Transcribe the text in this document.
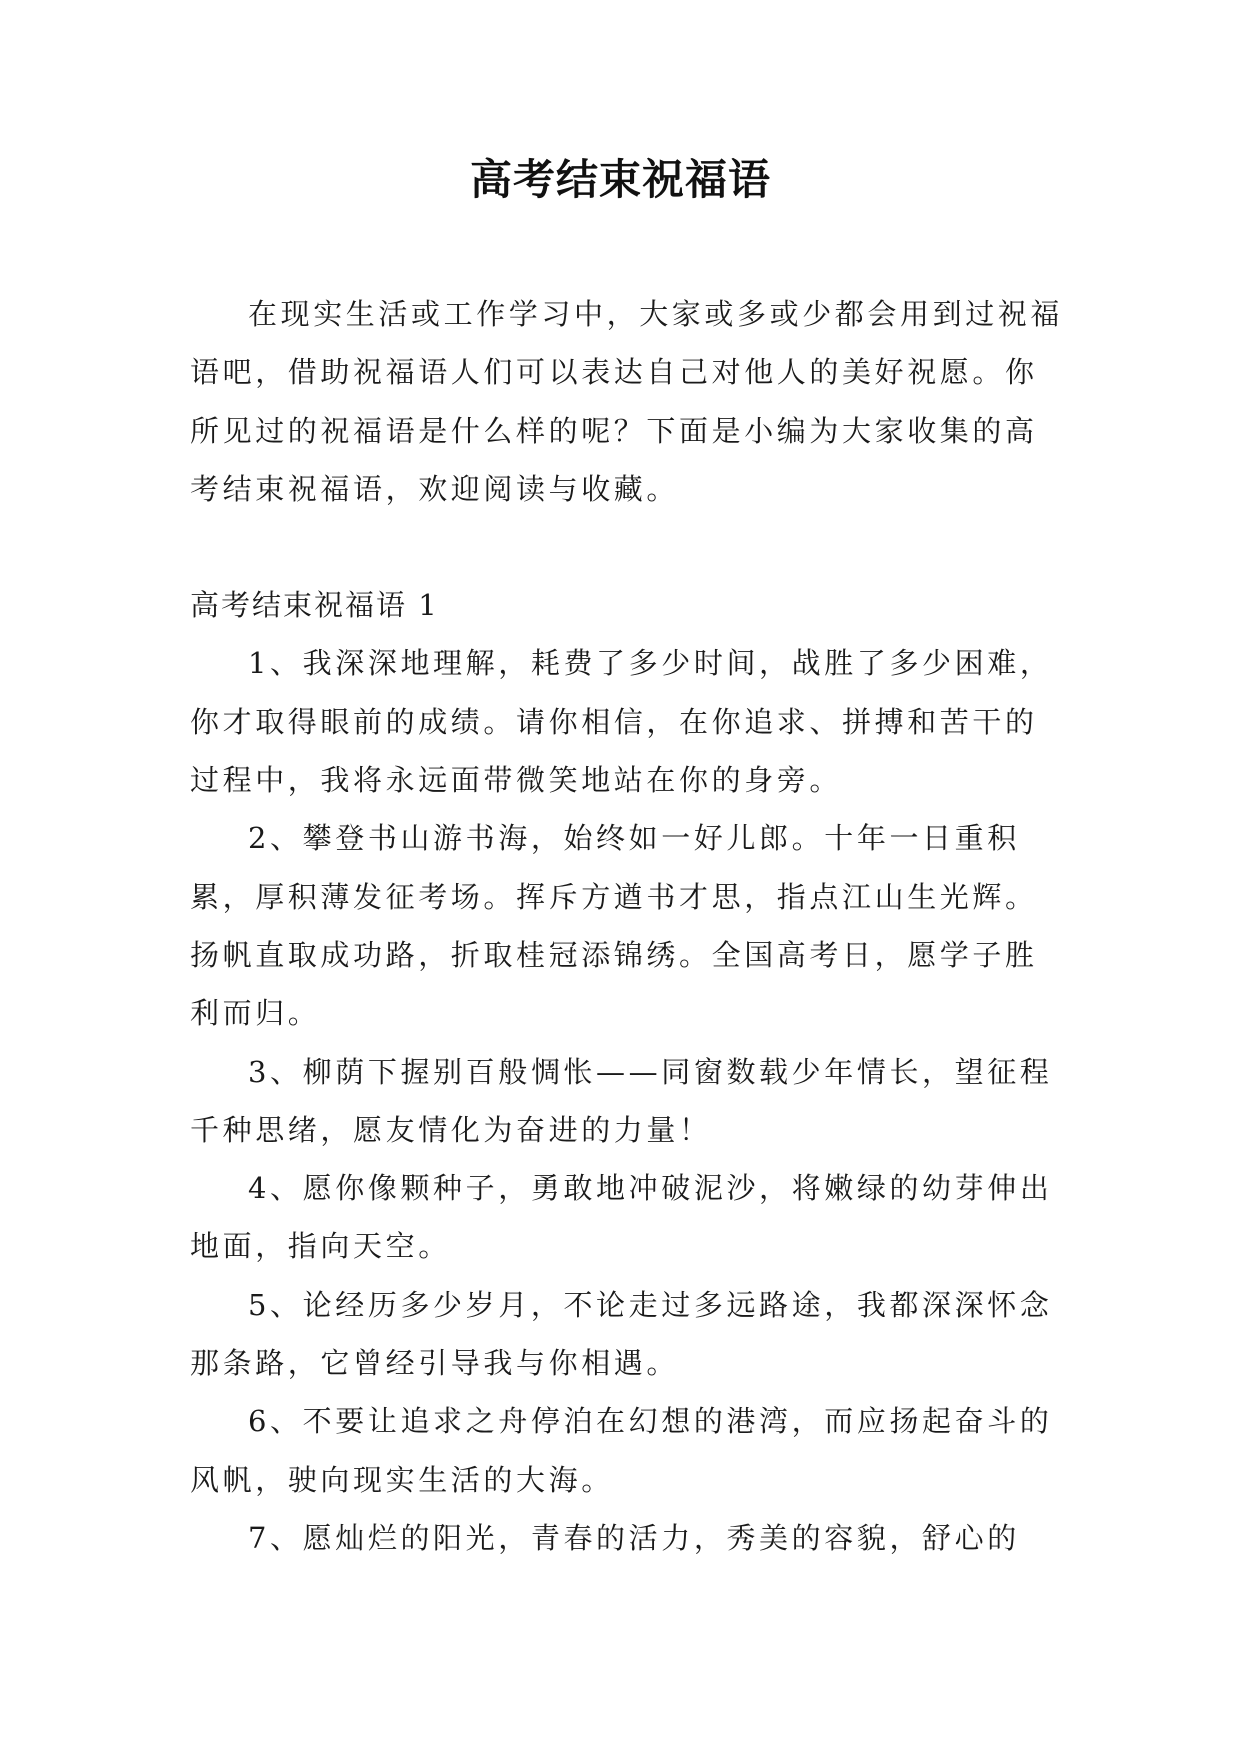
高考结束祝福语

在现实生活或工作学习中，大家或多或少都会用到过祝福语吧，借助祝福语人们可以表达自己对他人的美好祝愿。你所见过的祝福语是什么样的呢？下面是小编为大家收集的高考结束祝福语，欢迎阅读与收藏。

高考结束祝福语 1

1、我深深地理解，耗费了多少时间，战胜了多少困难，你才取得眼前的成绩。请你相信，在你追求、拼搏和苦干的过程中，我将永远面带微笑地站在你的身旁。

2、攀登书山游书海，始终如一好儿郎。十年一日重积累，厚积薄发征考场。挥斥方遒书才思，指点江山生光辉。扬帆直取成功路，折取桂冠添锦绣。全国高考日，愿学子胜利而归。

3、柳荫下握别百般惆怅——同窗数载少年情长，望征程千种思绪，愿友情化为奋进的力量！

4、愿你像颗种子，勇敢地冲破泥沙，将嫩绿的幼芽伸出地面，指向天空。

5、论经历多少岁月，不论走过多远路途，我都深深怀念那条路，它曾经引导我与你相遇。

6、不要让追求之舟停泊在幻想的港湾，而应扬起奋斗的风帆，驶向现实生活的大海。

7、愿灿烂的阳光，青春的活力，秀美的容貌，舒心的
